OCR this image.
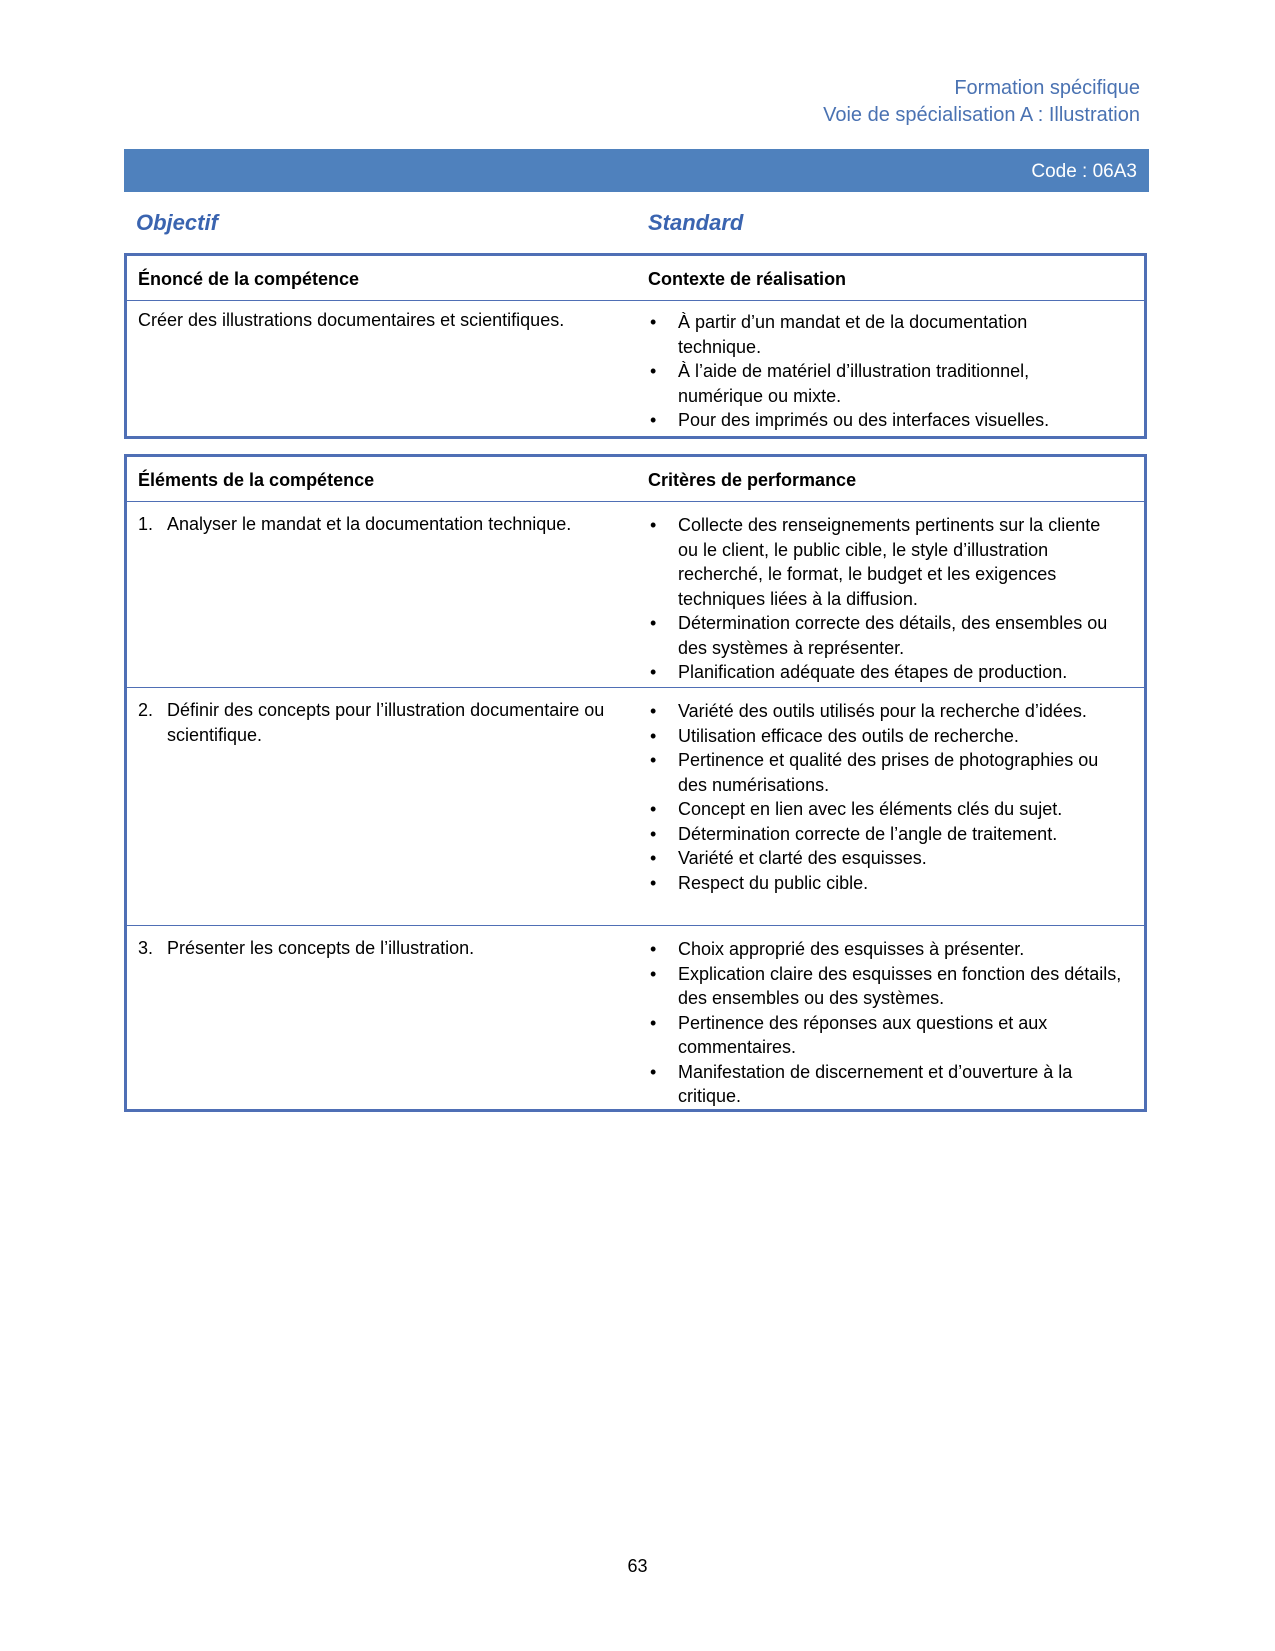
Formation spécifique
Voie de spécialisation A : Illustration
Code : 06A3
Objectif	Standard
Énoncé de la compétence	Contexte de réalisation
Créer des illustrations documentaires et scientifiques.	• À partir d’un mandat et de la documentation technique.
• À l’aide de matériel d’illustration traditionnel, numérique ou mixte.
• Pour des imprimés ou des interfaces visuelles.
Éléments de la compétence	Critères de performance
1. Analyser le mandat et la documentation technique.	• Collecte des renseignements pertinents sur la cliente ou le client, le public cible, le style d’illustration recherché, le format, le budget et les exigences techniques liées à la diffusion.
• Détermination correcte des détails, des ensembles ou des systèmes à représenter.
• Planification adéquate des étapes de production.
2. Définir des concepts pour l’illustration documentaire ou scientifique.
• Variété des outils utilisés pour la recherche d’idées.
• Utilisation efficace des outils de recherche.
• Pertinence et qualité des prises de photographies ou des numérisations.
• Concept en lien avec les éléments clés du sujet.
• Détermination correcte de l’angle de traitement.
• Variété et clarté des esquisses.
• Respect du public cible.
3. Présenter les concepts de l’illustration.	• Choix approprié des esquisses à présenter.
• Explication claire des esquisses en fonction des détails, des ensembles ou des systèmes.
• Pertinence des réponses aux questions et aux commentaires.
• Manifestation de discernement et d’ouverture à la critique.
63
